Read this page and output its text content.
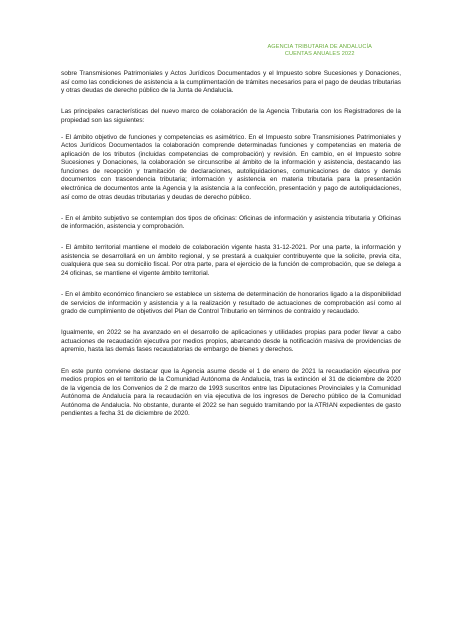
AGENCIA TRIBUTARIA DE ANDALUCÍA
CUENTAS ANUALES 2022

sobre Transmisiones Patrimoniales y Actos Jurídicos Documentados y el Impuesto sobre Sucesiones y Donaciones, así como las condiciones de asistencia a la cumplimentación de trámites necesarios para el pago de deudas tributarias y otras deudas de derecho público de la Junta de Andalucía.

Las principales características del nuevo marco de colaboración de la Agencia Tributaria con los Registradores de la propiedad son las siguientes:

- El ámbito objetivo de funciones y competencias es asimétrico. En el Impuesto sobre Transmisiones Patrimoniales y Actos Jurídicos Documentados la colaboración comprende determinadas funciones y competencias en materia de aplicación de los tributos (incluidas competencias de comprobación) y revisión. En cambio, en el Impuesto sobre Sucesiones y Donaciones, la colaboración se circunscribe al ámbito de la información y asistencia, destacando las funciones de recepción y tramitación de declaraciones, autoliquidaciones, comunicaciones de datos y demás documentos con trascendencia tributaria; información y asistencia en materia tributaria para la presentación electrónica de documentos ante la Agencia y la asistencia a la confección, presentación y pago de autoliquidaciones, así como de otras deudas tributarias y deudas de derecho público.

- En el ámbito subjetivo se contemplan dos tipos de oficinas: Oficinas de información y asistencia tributaria y Oficinas de información, asistencia y comprobación.

- El ámbito territorial mantiene el modelo de colaboración vigente hasta 31-12-2021. Por una parte, la información y asistencia se desarrollará en un ámbito regional, y se prestará a cualquier contribuyente que la solicite, previa cita, cualquiera que sea su domicilio fiscal. Por otra parte, para el ejercicio de la función de comprobación, que se delega a 24 oficinas, se mantiene el vigente ámbito territorial.

- En el ámbito económico financiero se establece un sistema de determinación de honorarios ligado a la disponibilidad de servicios de información y asistencia y a la realización y resultado de actuaciones de comprobación así como al grado de cumplimiento de objetivos del Plan de Control Tributario en términos de contraído y recaudado.

Igualmente, en 2022 se ha avanzado en el desarrollo de aplicaciones y utilidades propias para poder llevar a cabo actuaciones de recaudación ejecutiva por medios propios, abarcando desde la notificación masiva de providencias de apremio, hasta las demás fases recaudatorias de embargo de bienes y derechos.

En este punto conviene destacar que la Agencia asume desde el 1 de enero de 2021 la recaudación ejecutiva por medios propios en el territorio de la Comunidad Autónoma de Andalucía, tras la extinción el 31 de diciembre de 2020 de la vigencia de los Convenios de 2 de marzo de 1993 suscritos entre las Diputaciones Provinciales y la Comunidad Autónoma de Andalucía para la recaudación en vía ejecutiva de los ingresos de Derecho público de la Comunidad Autónoma de Andalucía. No obstante, durante el 2022 se han seguido tramitando por la ATRIAN expedientes de gasto pendientes a fecha 31 de diciembre de 2020.
